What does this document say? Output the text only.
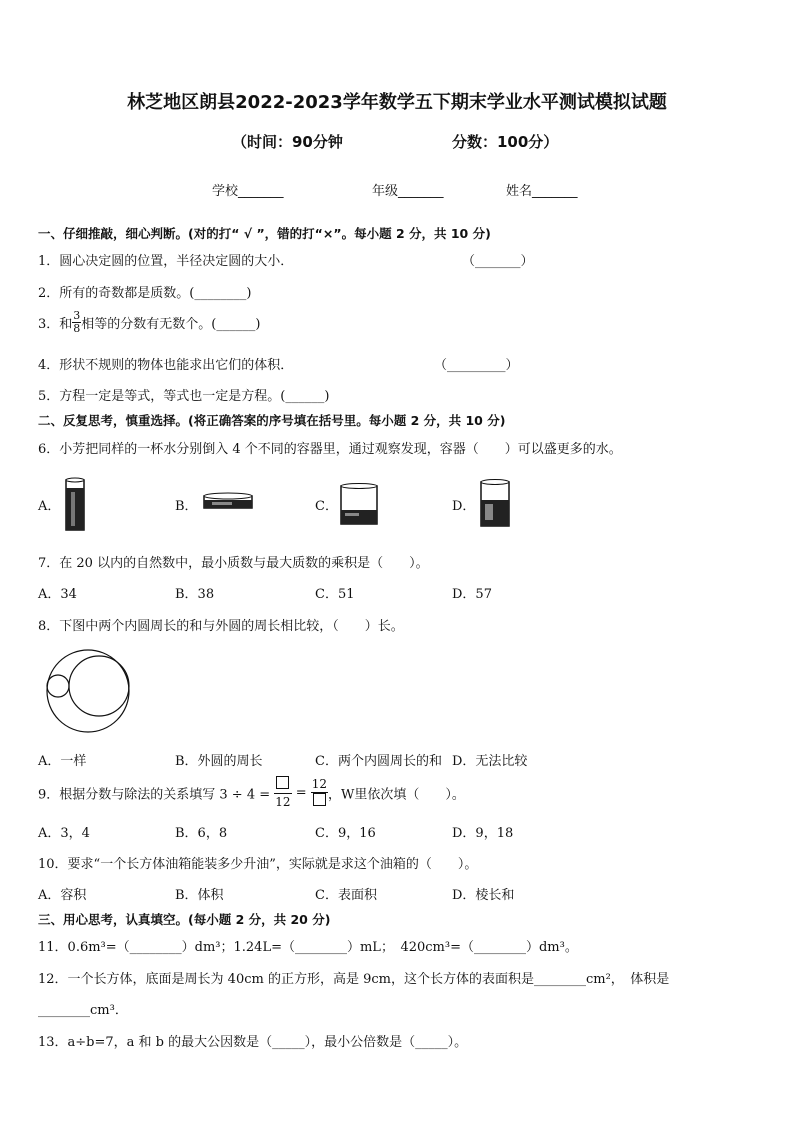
林芝地区朗县2022-2023学年数学五下期末学业水平测试模拟试题
（时间：90分钟	分数：100分）
学校_______	年级_______	姓名_______
一、仔细推敲，细心判断。(对的打“ √ ”，错的打“×”。每小题 2 分，共 10 分)
1．圆心决定圆的位置，半径决定圆的大小．	（_______）
2．所有的奇数都是质数。(________)
3．和 $\frac{3}{8}$ 相等的分数有无数个。(______)
4．形状不规则的物体也能求出它们的体积．	（_________）
5．方程一定是等式，等式也一定是方程。(______)
二、反复思考，慎重选择。(将正确答案的序号填在括号里。每小题 2 分，共 10 分)
6．小芳把同样的一杯水分别倒入 4 个不同的容器里，通过观察发现，容器（　　）可以盛更多的水。
A．	B．	C．	D．
7．在 20 以内的自然数中，最小质数与最大质数的乘积是（　　）。
A．34	B．38	C．51	D．57
8．下图中两个内圆周长的和与外圆的周长相比较，（　　）长。
A．一样	B．外圆的周长	C．两个内圆周长的和 D．无法比较
9．根据分数与除法的关系填写 3 ÷ 4 = 12
=
12
，W里依次填（　　）。
A．3，4	B．6，8	C．9，16	D．9，18
10．要求“一个长方体油箱能装多少升油”，实际就是求这个油箱的（　　）。
A．容积	B．体积	C．表面积	D．棱长和
三、用心思考，认真填空。(每小题 2 分，共 20 分)
11．0.6m³=（________）dm³；1.24L=（________）mL；　420cm³=（________）dm³。
12．一个长方体，底面是周长为 40cm 的正方形，高是 9cm，这个长方体的表面积是________cm²，　体积是
________cm³．
13．a÷b=7，a 和 b 的最大公因数是（_____），最小公倍数是（_____）。
